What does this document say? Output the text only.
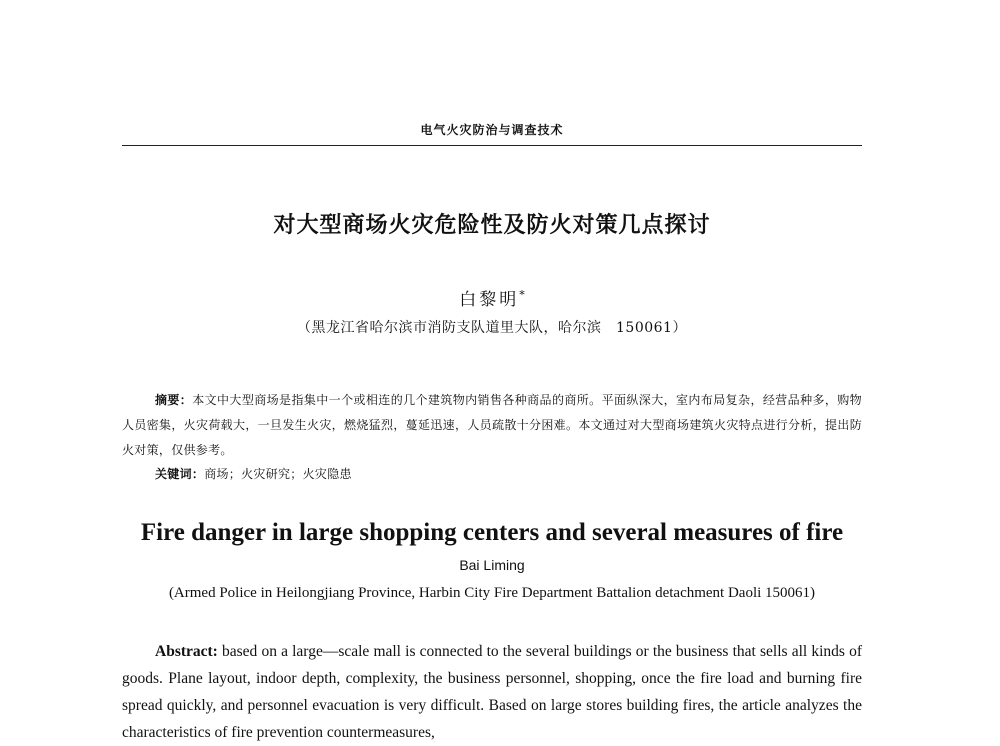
电气火灾防治与调查技术
对大型商场火灾危险性及防火对策几点探讨
白黎明*
（黑龙江省哈尔滨市消防支队道里大队，哈尔滨　150061）
摘要：本文中大型商场是指集中一个或相连的几个建筑物内销售各种商品的商所。平面纵深大，室内布局复杂，经营品种多，购物人员密集，火灾荷载大，一旦发生火灾，燃烧猛烈，蔓延迅速，人员疏散十分困难。本文通过对大型商场建筑火灾特点进行分析，提出防火对策，仅供参考。
关键词：商场；火灾研究；火灾隐患
Fire danger in large shopping centers and several measures of fire
Bai Liming
(Armed Police in Heilongjiang Province, Harbin City Fire Department Battalion detachment Daoli 150061)
Abstract: based on a large—scale mall is connected to the several buildings or the business that sells all kinds of goods. Plane layout, indoor depth, complexity, the business personnel, shopping, once the fire load and burning fire spread quickly, and personnel evacuation is very difficult. Based on large stores building fires, the article analyzes the characteristics of fire prevention countermeasures,
